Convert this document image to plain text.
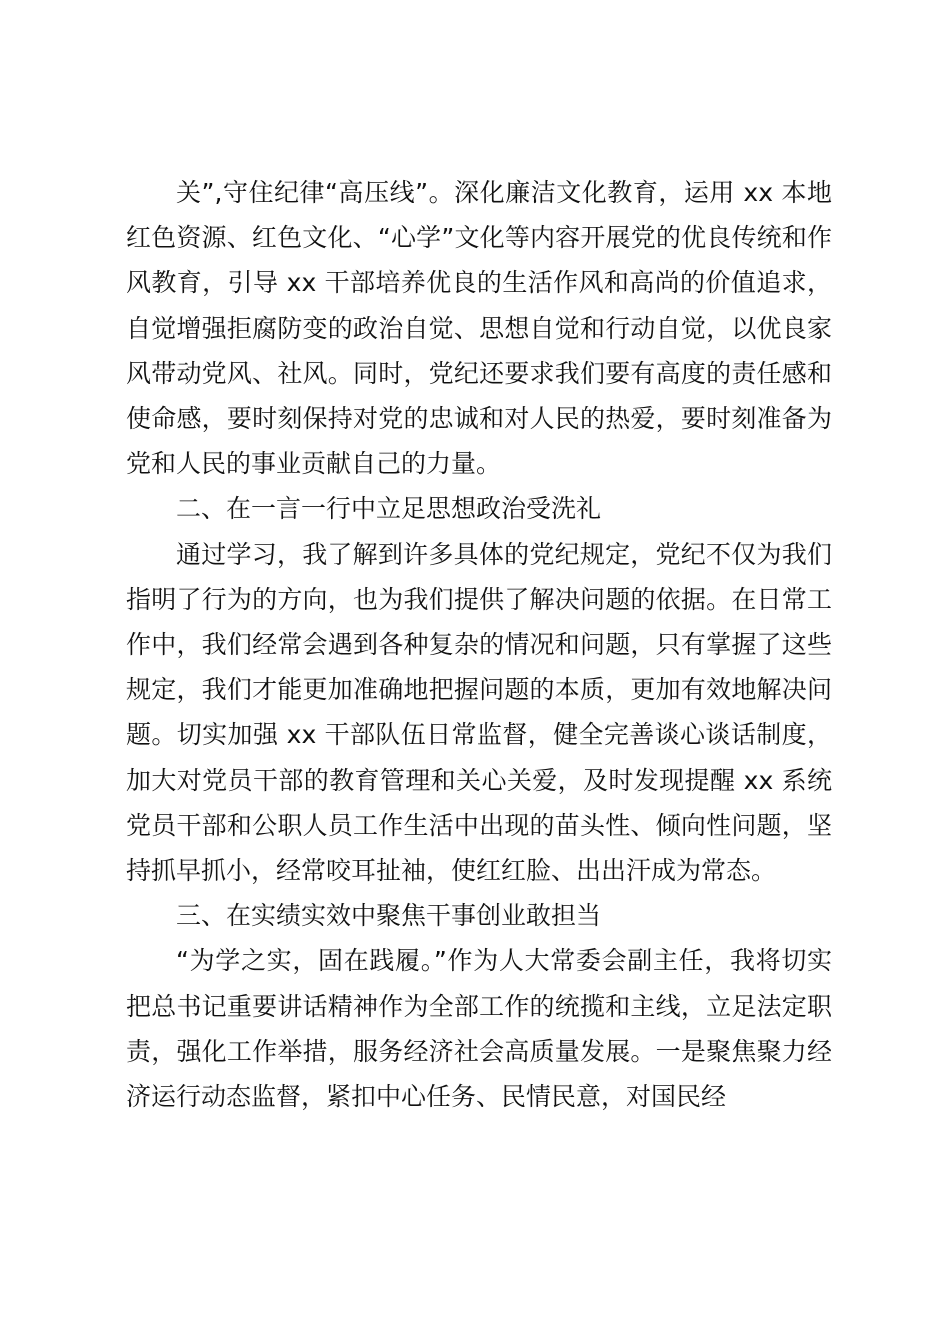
关”,守住纪律“高压线”。深化廉洁文化教育，运用 xx 本地红色资源、红色文化、“心学”文化等内容开展党的优良传统和作风教育，引导 xx 干部培养优良的生活作风和高尚的价值追求，自觉增强拒腐防变的政治自觉、思想自觉和行动自觉，以优良家风带动党风、社风。同时，党纪还要求我们要有高度的责任感和使命感，要时刻保持对党的忠诚和对人民的热爱，要时刻准备为党和人民的事业贡献自己的力量。

二、在一言一行中立足思想政治受洗礼

通过学习，我了解到许多具体的党纪规定，党纪不仅为我们指明了行为的方向，也为我们提供了解决问题的依据。在日常工作中，我们经常会遇到各种复杂的情况和问题，只有掌握了这些规定，我们才能更加准确地把握问题的本质，更加有效地解决问题。切实加强 xx 干部队伍日常监督，健全完善谈心谈话制度，加大对党员干部的教育管理和关心关爱，及时发现提醒 xx 系统党员干部和公职人员工作生活中出现的苗头性、倾向性问题，坚持抓早抓小，经常咬耳扯袖，使红红脸、出出汗成为常态。

三、在实绩实效中聚焦干事创业敢担当

“为学之实，固在践履。”作为人大常委会副主任，我将切实把总书记重要讲话精神作为全部工作的统揽和主线，立足法定职责，强化工作举措，服务经济社会高质量发展。一是聚焦聚力经济运行动态监督，紧扣中心任务、民情民意，对国民经
